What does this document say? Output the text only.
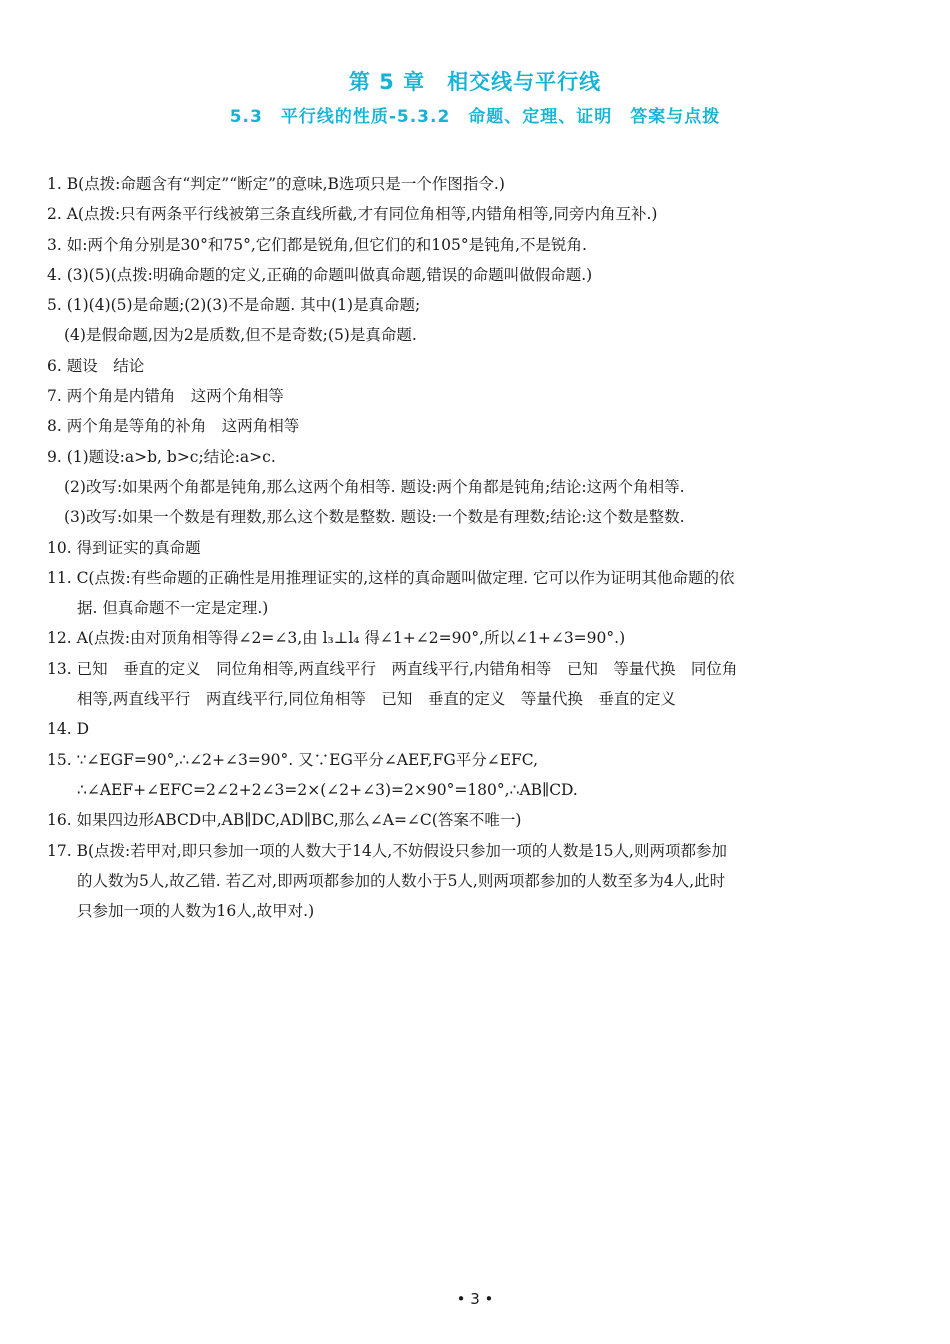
第 5 章　相交线与平行线
5.3　平行线的性质-5.3.2　命题、定理、证明　答案与点拨
1. B(点拨:命题含有“判定”“断定”的意味,B选项只是一个作图指令.)
2. A(点拨:只有两条平行线被第三条直线所截,才有同位角相等,内错角相等,同旁内角互补.)
3. 如:两个角分别是30°和75°,它们都是锐角,但它们的和105°是钝角,不是锐角.
4. (3)(5)(点拨:明确命题的定义,正确的命题叫做真命题,错误的命题叫做假命题.)
5. (1)(4)(5)是命题;(2)(3)不是命题. 其中(1)是真命题;
(4)是假命题,因为2是质数,但不是奇数;(5)是真命题.
6. 题设　结论
7. 两个角是内错角　这两个角相等
8. 两个角是等角的补角　这两角相等
9. (1)题设:a>b, b>c;结论:a>c.
(2)改写:如果两个角都是钝角,那么这两个角相等. 题设:两个角都是钝角;结论:这两个角相等.
(3)改写:如果一个数是有理数,那么这个数是整数. 题设:一个数是有理数;结论:这个数是整数.
10. 得到证实的真命题
11. C(点拨:有些命题的正确性是用推理证实的,这样的真命题叫做定理. 它可以作为证明其他命题的依
据. 但真命题不一定是定理.)
12. A(点拨:由对顶角相等得∠2=∠3,由 l₃⊥l₄ 得∠1+∠2=90°,所以∠1+∠3=90°.)
13. 已知　垂直的定义　同位角相等,两直线平行　两直线平行,内错角相等　已知　等量代换　同位角
相等,两直线平行　两直线平行,同位角相等　已知　垂直的定义　等量代换　垂直的定义
14. D
15. ∵∠EGF=90°,∴∠2+∠3=90°. 又∵EG平分∠AEF,FG平分∠EFC,
∴∠AEF+∠EFC=2∠2+2∠3=2×(∠2+∠3)=2×90°=180°,∴AB∥CD.
16. 如果四边形ABCD中,AB∥DC,AD∥BC,那么∠A=∠C(答案不唯一)
17. B(点拨:若甲对,即只参加一项的人数大于14人,不妨假设只参加一项的人数是15人,则两项都参加
的人数为5人,故乙错. 若乙对,即两项都参加的人数小于5人,则两项都参加的人数至多为4人,此时
只参加一项的人数为16人,故甲对.)
• 3 •
